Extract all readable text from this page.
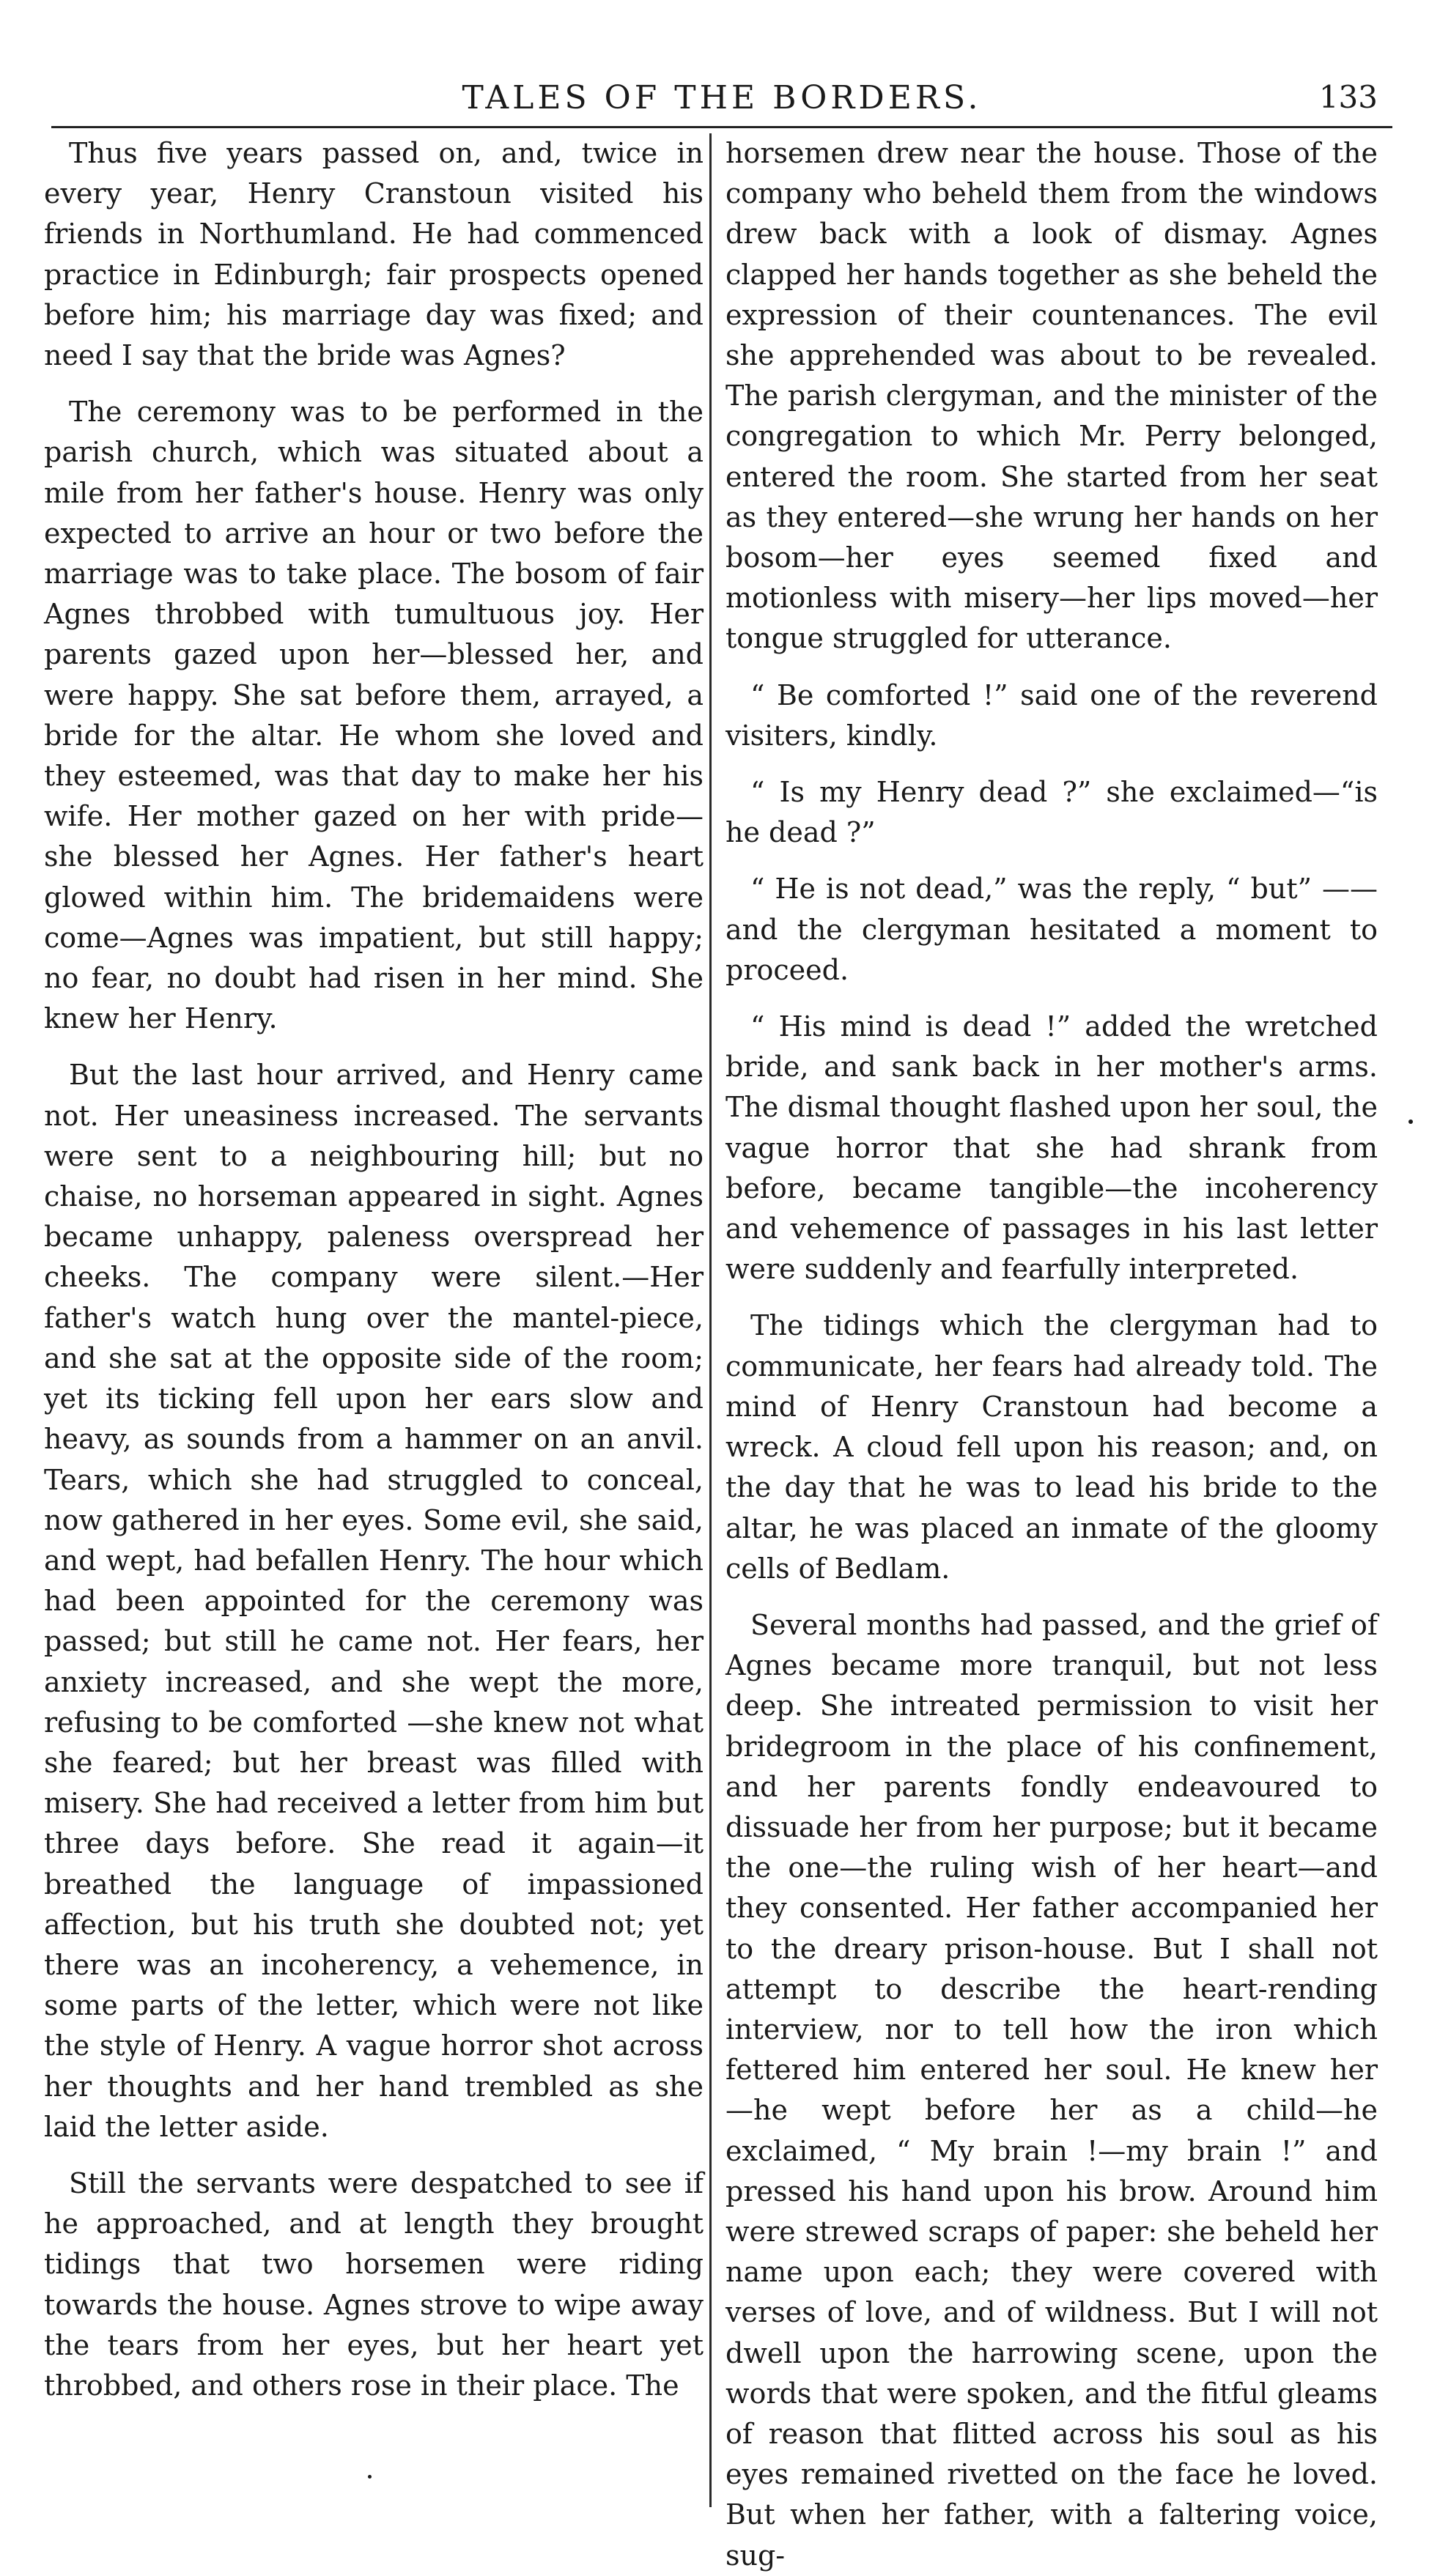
TALES OF THE BORDERS.	133

Thus five years passed on, and, twice in every year, Henry Cranstoun visited his friends in Northumland. He had commenced practice in Edinburgh; fair prospects opened before him; his marriage day was fixed; and need I say that the bride was Agnes?

The ceremony was to be performed in the parish church, which was situated about a mile from her father's house. Henry was only expected to arrive an hour or two before the marriage was to take place. The bosom of fair Agnes throbbed with tumultuous joy. Her parents gazed upon her—blessed her, and were happy. She sat before them, arrayed, a bride for the altar. He whom she loved and they esteemed, was that day to make her his wife. Her mother gazed on her with pride—she blessed her Agnes. Her father's heart glowed within him. The bridemaidens were come—Agnes was impatient, but still happy; no fear, no doubt had risen in her mind. She knew her Henry.

But the last hour arrived, and Henry came not. Her uneasiness increased. The servants were sent to a neighbouring hill; but no chaise, no horseman appeared in sight. Agnes became unhappy, paleness overspread her cheeks. The company were silent.—Her father's watch hung over the mantel-piece, and she sat at the opposite side of the room; yet its ticking fell upon her ears slow and heavy, as sounds from a hammer on an anvil. Tears, which she had struggled to conceal, now gathered in her eyes. Some evil, she said, and wept, had befallen Henry. The hour which had been appointed for the ceremony was passed; but still he came not. Her fears, her anxiety increased, and she wept the more, refusing to be comforted —she knew not what she feared; but her breast was filled with misery. She had received a letter from him but three days before. She read it again—it breathed the language of impassioned affection, but his truth she doubted not; yet there was an incoherency, a vehemence, in some parts of the letter, which were not like the style of Henry. A vague horror shot across her thoughts and her hand trembled as she laid the letter aside.

Still the servants were despatched to see if he approached, and at length they brought tidings that two horsemen were riding towards the house. Agnes strove to wipe away the tears from her eyes, but her heart yet throbbed, and others rose in their place. The

horsemen drew near the house. Those of the company who beheld them from the windows drew back with a look of dismay. Agnes clapped her hands together as she beheld the expression of their countenances. The evil she apprehended was about to be revealed. The parish clergyman, and the minister of the congregation to which Mr. Perry belonged, entered the room. She started from her seat as they entered—she wrung her hands on her bosom—her eyes seemed fixed and motionless with misery—her lips moved—her tongue struggled for utterance.

“ Be comforted !” said one of the reverend visiters, kindly.

“ Is my Henry dead ?” she exclaimed—“is he dead ?”

“ He is not dead,” was the reply, “ but” ——and the clergyman hesitated a moment to proceed.

“ His mind is dead !” added the wretched bride, and sank back in her mother's arms. The dismal thought flashed upon her soul, the vague horror that she had shrank from before, became tangible—the incoherency and vehemence of passages in his last letter were suddenly and fearfully interpreted.

The tidings which the clergyman had to communicate, her fears had already told. The mind of Henry Cranstoun had become a wreck. A cloud fell upon his reason; and, on the day that he was to lead his bride to the altar, he was placed an inmate of the gloomy cells of Bedlam.

Several months had passed, and the grief of Agnes became more tranquil, but not less deep. She intreated permission to visit her bridegroom in the place of his confinement, and her parents fondly endeavoured to dissuade her from her purpose; but it became the one—the ruling wish of her heart—and they consented. Her father accompanied her to the dreary prison-house. But I shall not attempt to describe the heart-rending interview, nor to tell how the iron which fettered him entered her soul. He knew her —he wept before her as a child—he exclaimed, “ My brain !—my brain !” and pressed his hand upon his brow. Around him were strewed scraps of paper: she beheld her name upon each; they were covered with verses of love, and of wildness. But I will not dwell upon the harrowing scene, upon the words that were spoken, and the fitful gleams of reason that flitted across his soul as his eyes remained rivetted on the face he loved. But when her father, with a faltering voice, sug-
